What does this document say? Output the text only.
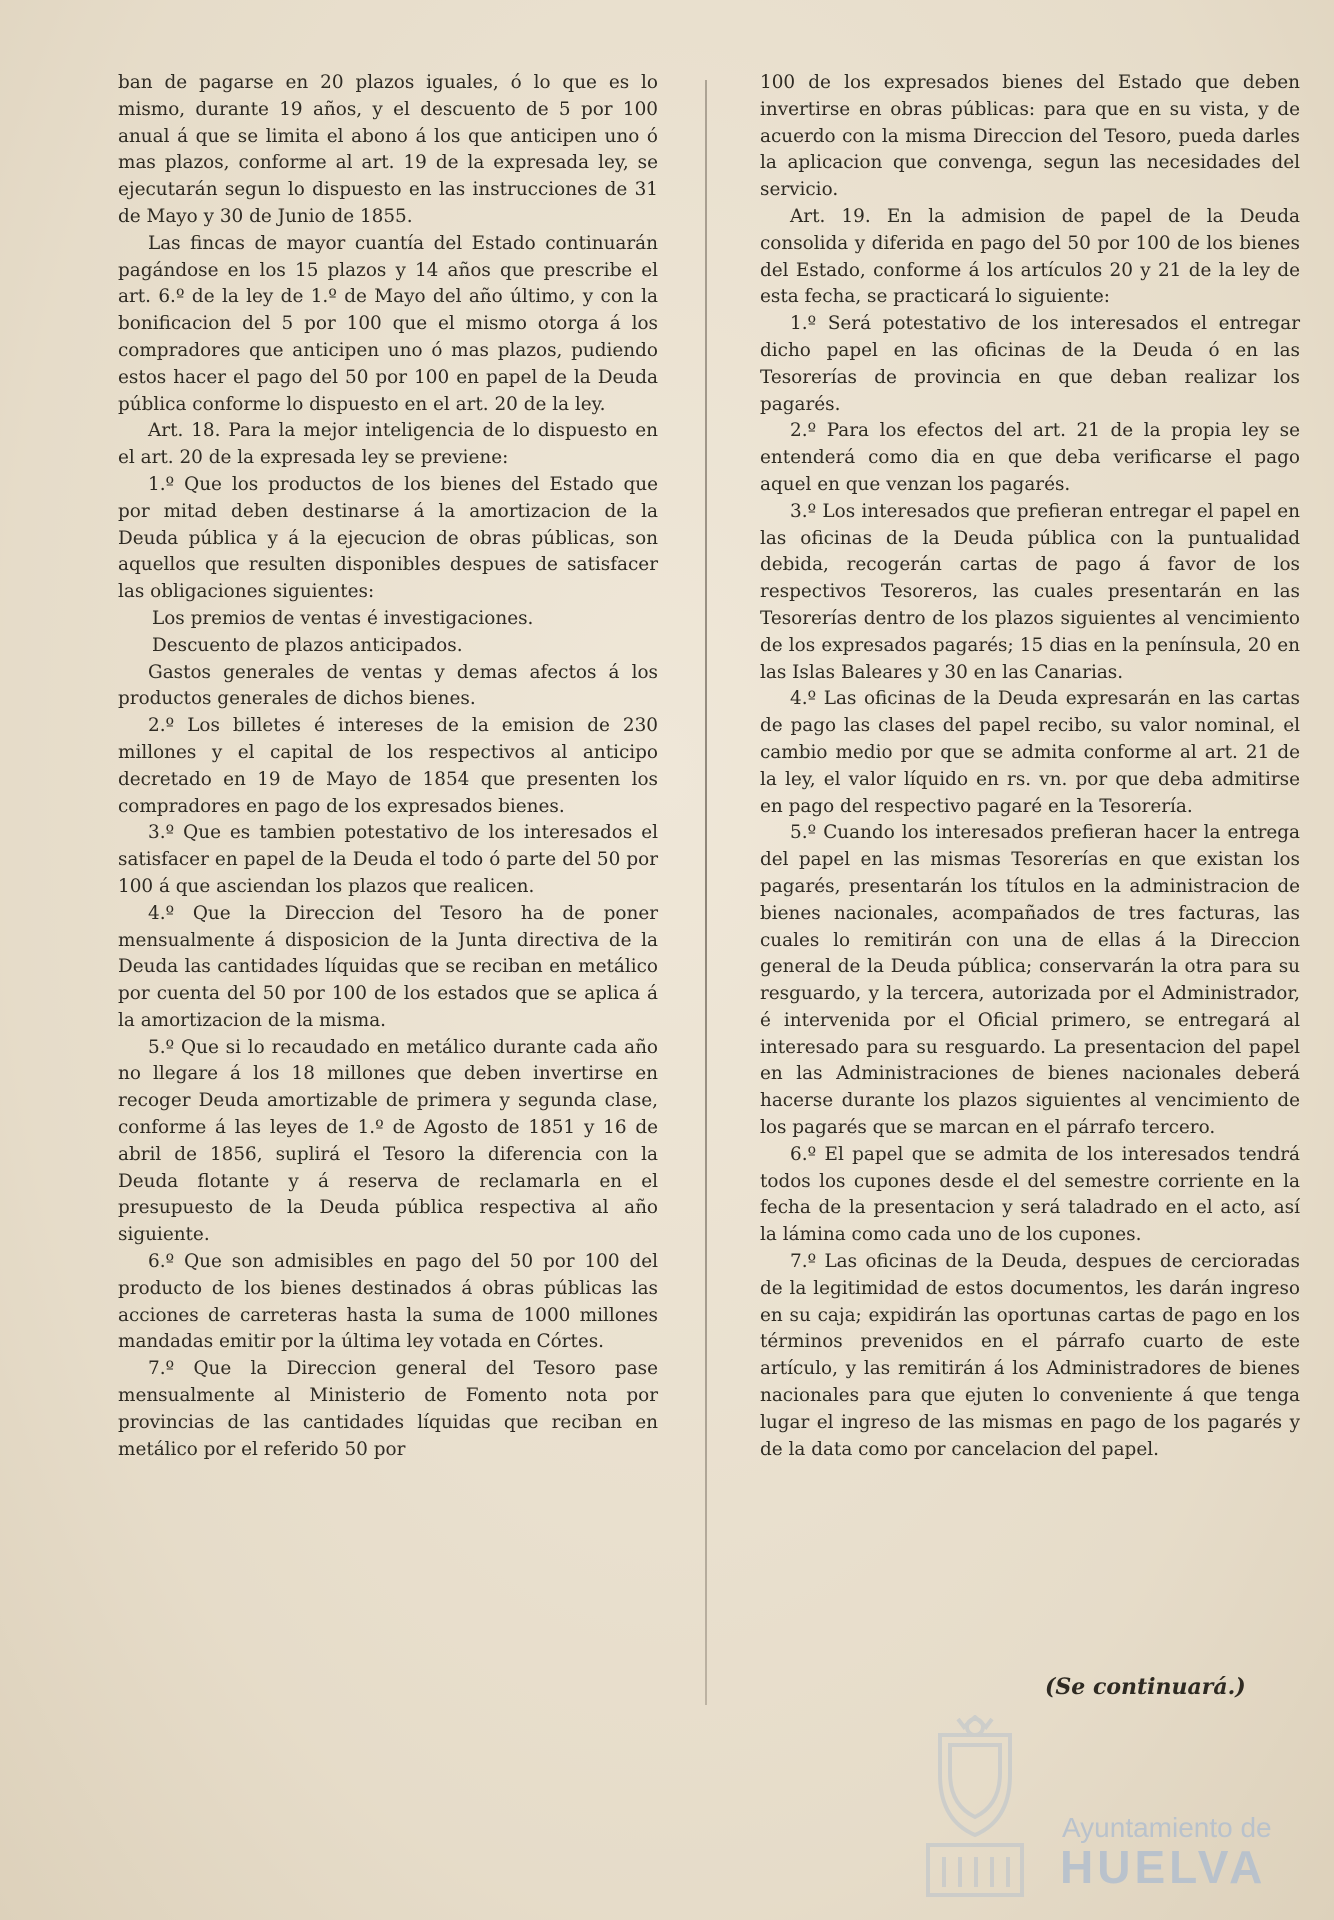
ban de pagarse en 20 plazos iguales, ó lo que es lo mismo, durante 19 años, y el descuento de 5 por 100 anual á que se limita el abono á los que anticipen uno ó mas plazos, conforme al art. 19 de la expresada ley, se ejecutarán segun lo dispuesto en las instrucciones de 31 de Mayo y 30 de Junio de 1855.

Las fincas de mayor cuantía del Estado continuarán pagándose en los 15 plazos y 14 años que prescribe el art. 6.º de la ley de 1.º de Mayo del año último, y con la bonificacion del 5 por 100 que el mismo otorga á los compradores que anticipen uno ó mas plazos, pudiendo estos hacer el pago del 50 por 100 en papel de la Deuda pública conforme lo dispuesto en el art. 20 de la ley.

Art. 18. Para la mejor inteligencia de lo dispuesto en el art. 20 de la expresada ley se previene:

1.º Que los productos de los bienes del Estado que por mitad deben destinarse á la amortizacion de la Deuda pública y á la ejecucion de obras públicas, son aquellos que resulten disponibles despues de satisfacer las obligaciones siguientes:

Los premios de ventas é investigaciones.

Descuento de plazos anticipados.

Gastos generales de ventas y demas afectos á los productos generales de dichos bienes.

2.º Los billetes é intereses de la emision de 230 millones y el capital de los respectivos al anticipo decretado en 19 de Mayo de 1854 que presenten los compradores en pago de los expresados bienes.

3.º Que es tambien potestativo de los interesados el satisfacer en papel de la Deuda el todo ó parte del 50 por 100 á que asciendan los plazos que realicen.

4.º Que la Direccion del Tesoro ha de poner mensualmente á disposicion de la Junta directiva de la Deuda las cantidades líquidas que se reciban en metálico por cuenta del 50 por 100 de los estados que se aplica á la amortizacion de la misma.

5.º Que si lo recaudado en metálico durante cada año no llegare á los 18 millones que deben invertirse en recoger Deuda amortizable de primera y segunda clase, conforme á las leyes de 1.º de Agosto de 1851 y 16 de abril de 1856, suplirá el Tesoro la diferencia con la Deuda flotante y á reserva de reclamarla en el presupuesto de la Deuda pública respectiva al año siguiente.

6.º Que son admisibles en pago del 50 por 100 del producto de los bienes destinados á obras públicas las acciones de carreteras hasta la suma de 1000 millones mandadas emitir por la última ley votada en Córtes.

7.º Que la Direccion general del Tesoro pase mensualmente al Ministerio de Fomento nota por provincias de las cantidades líquidas que reciban en metálico por el referido 50 por

100 de los expresados bienes del Estado que deben invertirse en obras públicas: para que en su vista, y de acuerdo con la misma Direccion del Tesoro, pueda darles la aplicacion que convenga, segun las necesidades del servicio.

Art. 19. En la admision de papel de la Deuda consolida y diferida en pago del 50 por 100 de los bienes del Estado, conforme á los artículos 20 y 21 de la ley de esta fecha, se practicará lo siguiente:

1.º Será potestativo de los interesados el entregar dicho papel en las oficinas de la Deuda ó en las Tesorerías de provincia en que deban realizar los pagarés.

2.º Para los efectos del art. 21 de la propia ley se entenderá como dia en que deba verificarse el pago aquel en que venzan los pagarés.

3.º Los interesados que prefieran entregar el papel en las oficinas de la Deuda pública con la puntualidad debida, recogerán cartas de pago á favor de los respectivos Tesoreros, las cuales presentarán en las Tesorerías dentro de los plazos siguientes al vencimiento de los expresados pagarés; 15 dias en la península, 20 en las Islas Baleares y 30 en las Canarias.

4.º Las oficinas de la Deuda expresarán en las cartas de pago las clases del papel recibo, su valor nominal, el cambio medio por que se admita conforme al art. 21 de la ley, el valor líquido en rs. vn. por que deba admitirse en pago del respectivo pagaré en la Tesorería.

5.º Cuando los interesados prefieran hacer la entrega del papel en las mismas Tesorerías en que existan los pagarés, presentarán los títulos en la administracion de bienes nacionales, acompañados de tres facturas, las cuales lo remitirán con una de ellas á la Direccion general de la Deuda pública; conservarán la otra para su resguardo, y la tercera, autorizada por el Administrador, é intervenida por el Oficial primero, se entregará al interesado para su resguardo. La presentacion del papel en las Administraciones de bienes nacionales deberá hacerse durante los plazos siguientes al vencimiento de los pagarés que se marcan en el párrafo tercero.

6.º El papel que se admita de los interesados tendrá todos los cupones desde el del semestre corriente en la fecha de la presentacion y será taladrado en el acto, así la lámina como cada uno de los cupones.

7.º Las oficinas de la Deuda, despues de cercioradas de la legitimidad de estos documentos, les darán ingreso en su caja; expidirán las oportunas cartas de pago en los términos prevenidos en el párrafo cuarto de este artículo, y las remitirán á los Administradores de bienes nacionales para que ejuten lo conveniente á que tenga lugar el ingreso de las mismas en pago de los pagarés y de la data como por cancelacion del papel.

(Se continuará.)
Ayuntamiento de
HUELVA
